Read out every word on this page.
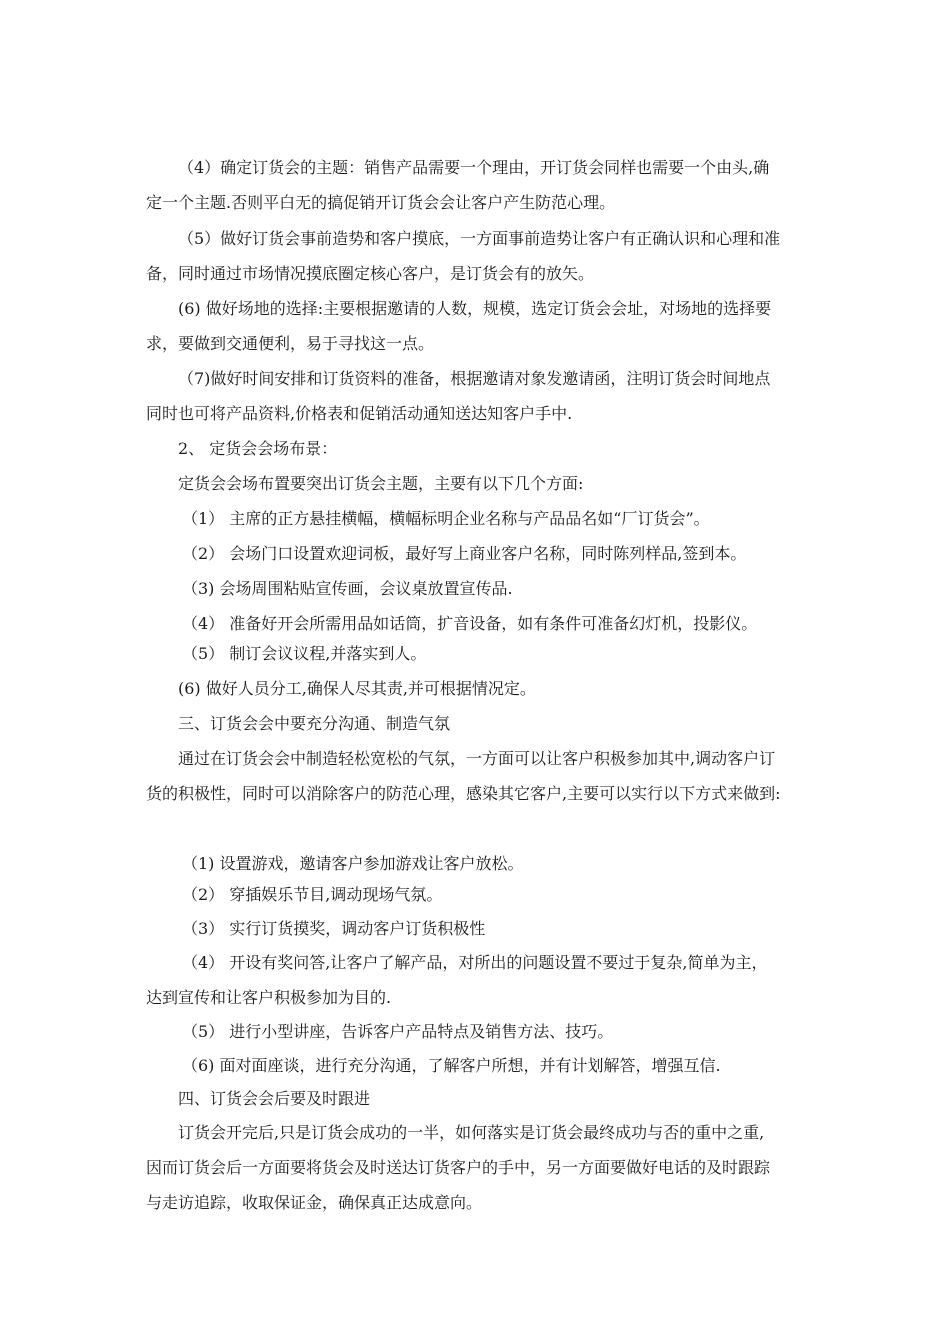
（4）确定订货会的主题：销售产品需要一个理由，开订货会同样也需要一个由头,确

定一个主题.否则平白无的搞促销开订货会会让客户产生防范心理。

（5）做好订货会事前造势和客户摸底，一方面事前造势让客户有正确认识和心理和准

备，同时通过市场情况摸底圈定核心客户，是订货会有的放矢。

(6) 做好场地的选择:主要根据邀请的人数，规模，选定订货会会址，对场地的选择要

求，要做到交通便利，易于寻找这一点。

（7)做好时间安排和订货资料的准备，根据邀请对象发邀请函，注明订货会时间地点

同时也可将产品资料,价格表和促销活动通知送达知客户手中.

2、 定货会会场布景：

定货会会场布置要突出订货会主题，主要有以下几个方面:

（1） 主席的正方悬挂横幅，横幅标明企业名称与产品品名如“厂订货会”。

（2） 会场门口设置欢迎词板，最好写上商业客户名称，同时陈列样品,签到本。

（3) 会场周围粘贴宣传画，会议桌放置宣传品.

（4） 准备好开会所需用品如话筒，扩音设备，如有条件可准备幻灯机，投影仪。

（5） 制订会议议程,并落实到人。

(6) 做好人员分工,确保人尽其责,并可根据情况定。

三、订货会会中要充分沟通、制造气氛

通过在订货会会中制造轻松宽松的气氛，一方面可以让客户积极参加其中,调动客户订

货的积极性，同时可以消除客户的防范心理，感染其它客户,主要可以实行以下方式来做到:

（1) 设置游戏，邀请客户参加游戏让客户放松。

（2） 穿插娱乐节目,调动现场气氛。

（3） 实行订货摸奖，调动客户订货积极性

（4） 开设有奖问答,让客户了解产品，对所出的问题设置不要过于复杂,简单为主，

达到宣传和让客户积极参加为目的.

（5） 进行小型讲座，告诉客户产品特点及销售方法、技巧。

（6) 面对面座谈，进行充分沟通，了解客户所想，并有计划解答，增强互信.

四、订货会会后要及时跟进

订货会开完后,只是订货会成功的一半，如何落实是订货会最终成功与否的重中之重,

因而订货会后一方面要将货会及时送达订货客户的手中，另一方面要做好电话的及时跟踪

与走访追踪，收取保证金，确保真正达成意向。
